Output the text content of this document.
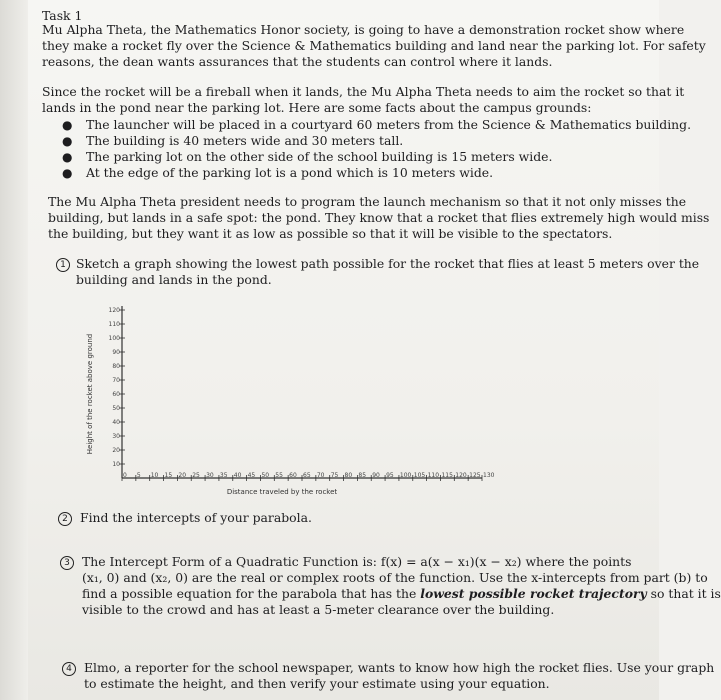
Task 1
Mu Alpha Theta, the Mathematics Honor society, is going to have a demonstration rocket show where
they make a rocket fly over the Science & Mathematics building and land near the parking lot. For safety
reasons, the dean wants assurances that the students can control where it lands.
Since the rocket will be a fireball when it lands, the Mu Alpha Theta needs to aim the rocket so that it
lands in the pond near the parking lot. Here are some facts about the campus grounds:
● The launcher will be placed in a courtyard 60 meters from the Science & Mathematics building.
● The building is 40 meters wide and 30 meters tall.
● The parking lot on the other side of the school building is 15 meters wide.
● At the edge of the parking lot is a pond which is 10 meters wide.
The Mu Alpha Theta president needs to program the launch mechanism so that it not only misses the
building, but lands in a safe spot: the pond. They know that a rocket that flies extremely high would miss
the building, but they want it as low as possible so that it will be visible to the spectators.
1 Sketch a graph showing the lowest path possible for the rocket that flies at least 5 meters over the
building and lands in the pond.
0 5 10 15 20 25 30 35 40 45 50 55 60 65 70 75 80 85 90 95 100 105 110 115 120 125 130
10
20
30
40
50
60
70
80
90
100
110
120
Distance traveled by the rocket
Height of the rocket above ground
2 Find the intercepts of your parabola.
3 The Intercept Form of a Quadratic Function is: f(x) = a(x − x₁)(x − x₂) where the points
(x₁, 0) and (x₂, 0) are the real or complex roots of the function. Use the x-intercepts from part (b) to
find a possible equation for the parabola that has the lowest possible rocket trajectory so that it is
visible to the crowd and has at least a 5-meter clearance over the building.
4 Elmo, a reporter for the school newspaper, wants to know how high the rocket flies. Use your graph
to estimate the height, and then verify your estimate using your equation.
